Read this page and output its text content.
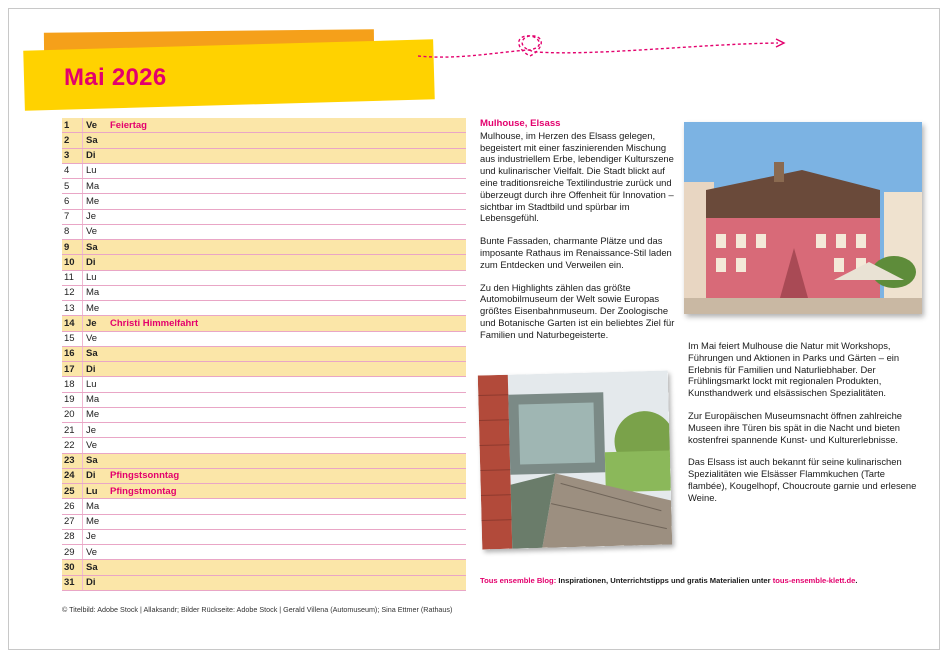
Mai 2026
1	Ve	Feiertag
2	Sa
3	Di
4	Lu
5	Ma
6	Me
7	Je
8	Ve
9	Sa
10	Di
11	Lu
12	Ma
13	Me
14	Je	Christi Himmelfahrt
15	Ve
16	Sa
17	Di
18	Lu
19	Ma
20	Me
21	Je
22	Ve
23	Sa
24	Di	Pfingstsonntag
25	Lu	Pfingstmontag
26	Ma
27	Me
28	Je
29	Ve
30	Sa
31	Di
Mulhouse, Elsass

Mulhouse, im Herzen des Elsass gelegen, begeistert mit einer faszinierenden Mischung aus industriellem Erbe, lebendiger Kulturszene und kulinarischer Vielfalt. Die Stadt blickt auf eine traditionsreiche Textilindustrie zurück und überzeugt durch ihre Offenheit für Innovation – sichtbar im Stadtbild und spürbar im Lebensgefühl.

Bunte Fassaden, charmante Plätze und das imposante Rathaus im Renaissance-Stil laden zum Entdecken und Verweilen ein.

Zu den Highlights zählen das größte Automobilmuseum der Welt sowie Europas größtes Eisenbahnmuseum. Der Zoologische und Botanische Garten ist ein beliebtes Ziel für Familien und Naturbegeisterte.

Im Mai feiert Mulhouse die Natur mit Workshops, Führungen und Aktionen in Parks und Gärten – ein Erlebnis für Familien und Naturliebhaber. Der Frühlingsmarkt lockt mit regionalen Produkten, Kunsthandwerk und elsässischen Spezialitäten.

Zur Europäischen Museumsnacht öffnen zahlreiche Museen ihre Türen bis spät in die Nacht und bieten kostenfrei spannende Kunst- und Kulturerlebnisse.

Das Elsass ist auch bekannt für seine kulinarischen Spezialitäten wie Elsässer Flammkuchen (Tarte flambée), Kougelhopf, Choucroute garnie und erlesene Weine.

Tous ensemble Blog: Inspirationen, Unterrichtstipps und gratis Materialien unter tous-ensemble-klett.de.
© Titelbild: Adobe Stock | Allaksandr; Bilder Rückseite: Adobe Stock | Gerald Villena (Automuseum); Sina Ettmer (Rathaus)
